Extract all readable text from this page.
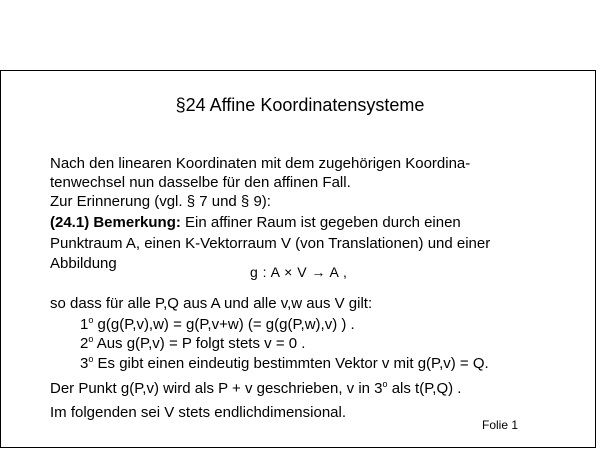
§24 Affine Koordinatensysteme
Nach den linearen Koordinaten mit dem zugehörigen Koordina-
tenwechsel nun dasselbe für den affinen Fall.
Zur Erinnerung (vgl. § 7 und § 9):
(24.1) Bemerkung: Ein affiner Raum ist gegeben durch einen
Punktraum A, einen K-Vektorraum V (von Translationen) und einer
Abbildung	g : A × V → A ,
so dass für alle P,Q aus A und alle v,w aus V gilt:
1$^o$ g(g(P,v),w) = g(P,v+w) (= g(g(P,w),v) ) .
2$^o$ Aus g(P,v) = P folgt stets v = 0 .
3$^o$ Es gibt einen eindeutig bestimmten Vektor v mit g(P,v) = Q.
Der Punkt g(P,v) wird als P + v geschrieben, v in 3$^o$ als t(P,Q) .
Im folgenden sei V stets endlichdimensional.
Folie 1
